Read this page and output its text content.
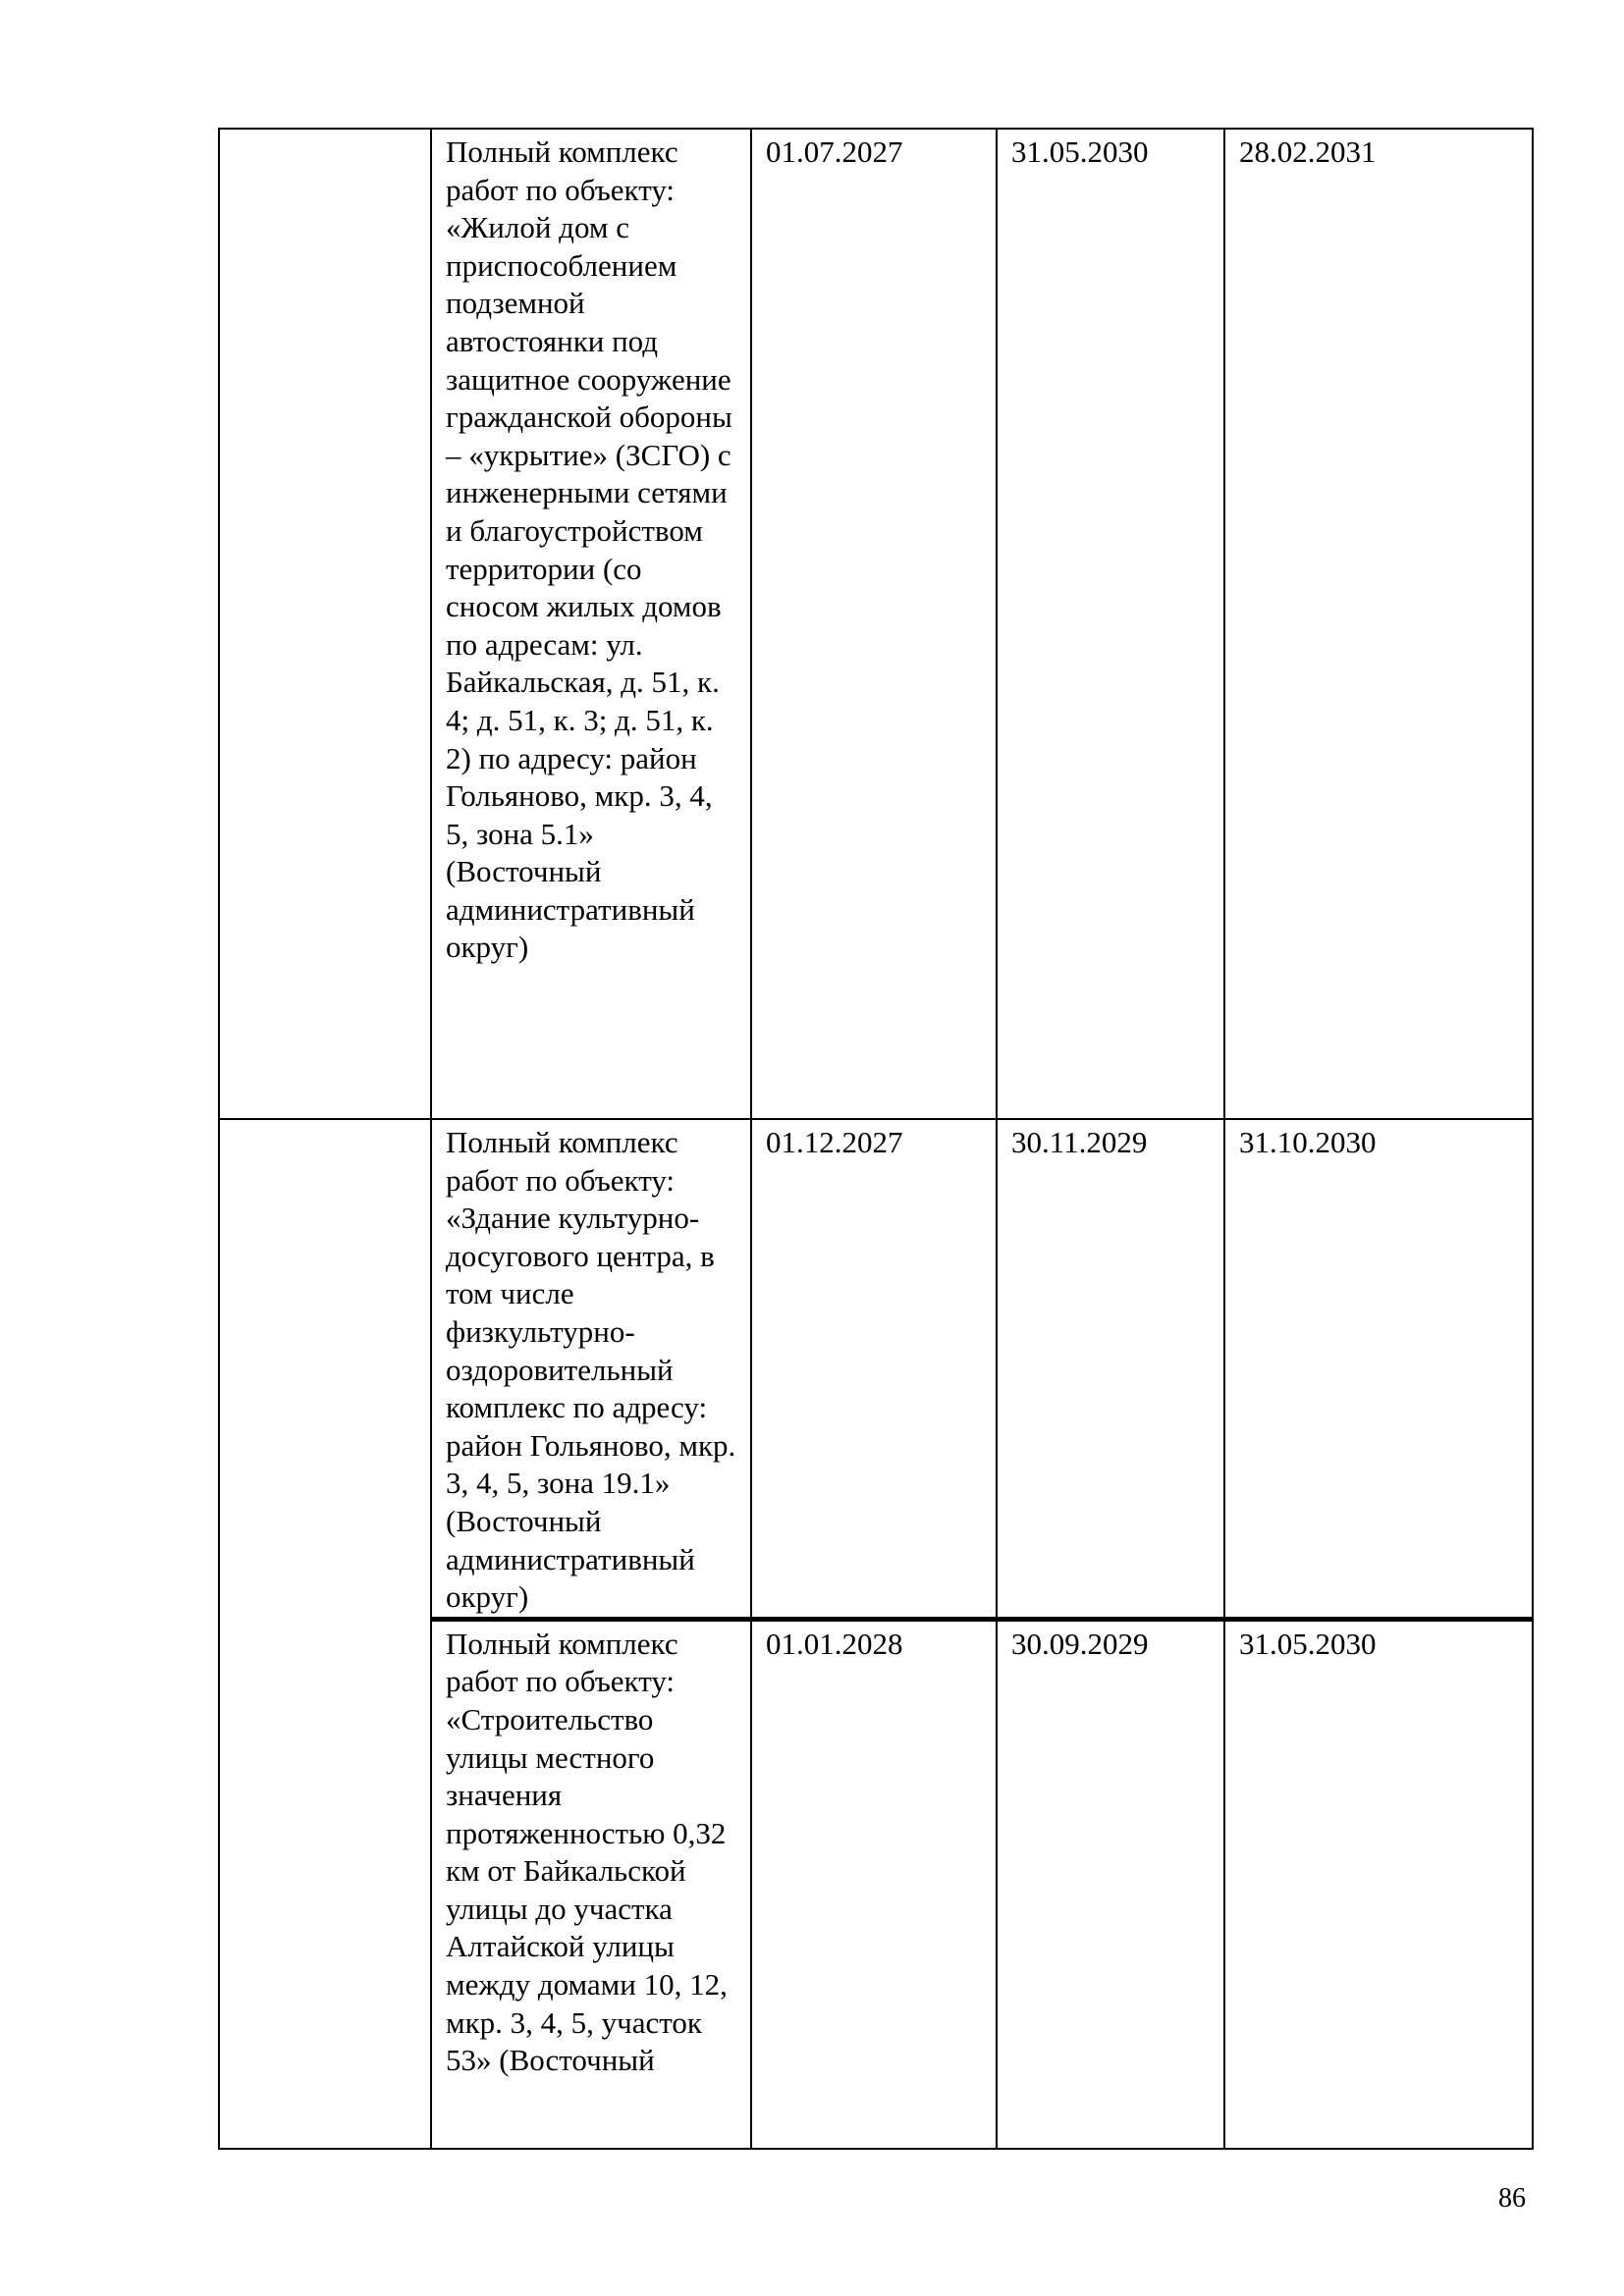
	Полный комплекс работ по объекту: «Жилой дом с приспособлением подземной автостоянки под защитное сооружение гражданской обороны – «укрытие» (ЗСГО) с инженерными сетями и благоустройством территории (со сносом жилых домов по адресам: ул. Байкальская, д. 51, к. 4; д. 51, к. 3; д. 51, к. 2) по адресу: район Гольяново, мкр. 3, 4, 5, зона 5.1» (Восточный административный округ)	01.07.2027	31.05.2030	28.02.2031
	Полный комплекс работ по объекту: «Здание культурно-досугового центра, в том числе физкультурно-оздоровительный комплекс по адресу: район Гольяново, мкр. 3, 4, 5, зона 19.1» (Восточный административный округ)	01.12.2027	30.11.2029	31.10.2030
	Полный комплекс работ по объекту: «Строительство улицы местного значения протяженностью 0,32 км от Байкальской улицы до участка Алтайской улицы между домами 10, 12, мкр. 3, 4, 5, участок 53» (Восточный	01.01.2028	30.09.2029	31.05.2030
86
